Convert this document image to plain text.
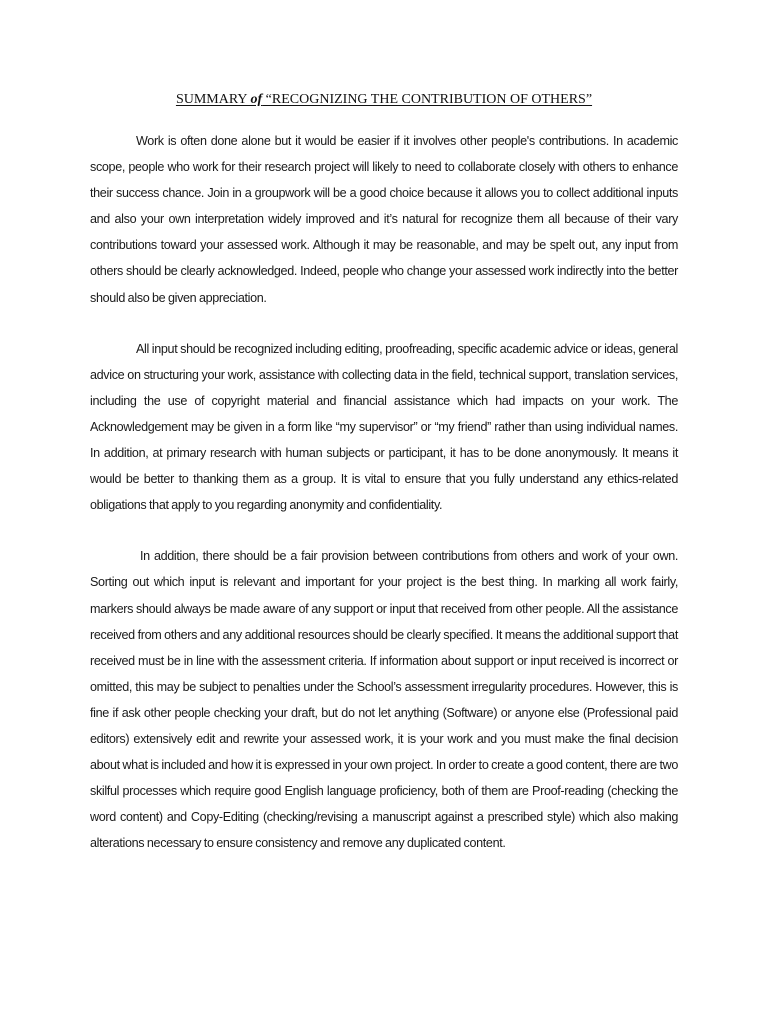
SUMMARY of “RECOGNIZING THE CONTRIBUTION OF OTHERS”

Work is often done alone but it would be easier if it involves other people's contributions. In academic scope, people who work for their research project will likely to need to collaborate closely with others to enhance their success chance. Join in a groupwork will be a good choice because it allows you to collect additional inputs and also your own interpretation widely improved and it’s natural for recognize them all because of their vary contributions toward your assessed work. Although it may be reasonable, and may be spelt out, any input from others should be clearly acknowledged. Indeed, people who change your assessed work indirectly into the better should also be given appreciation.

All input should be recognized including editing, proofreading, specific academic advice or ideas, general advice on structuring your work, assistance with collecting data in the field, technical support, translation services, including the use of copyright material and financial assistance which had impacts on your work. The Acknowledgement may be given in a form like “my supervisor” or “my friend” rather than using individual names. In addition, at primary research with human subjects or participant, it has to be done anonymously. It means it would be better to thanking them as a group. It is vital to ensure that you fully understand any ethics-related obligations that apply to you regarding anonymity and confidentiality.

In addition, there should be a fair provision between contributions from others and work of your own. Sorting out which input is relevant and important for your project is the best thing. In marking all work fairly, markers should always be made aware of any support or input that received from other people. All the assistance received from others and any additional resources should be clearly specified. It means the additional support that received must be in line with the assessment criteria. If information about support or input received is incorrect or omitted, this may be subject to penalties under the School’s assessment irregularity procedures. However, this is fine if ask other people checking your draft, but do not let anything (Software) or anyone else (Professional paid editors) extensively edit and rewrite your assessed work, it is your work and you must make the final decision about what is included and how it is expressed in your own project. In order to create a good content, there are two skilful processes which require good English language proficiency, both of them are Proof-reading (checking the word content) and Copy-Editing (checking/revising a manuscript against a prescribed style) which also making alterations necessary to ensure consistency and remove any duplicated content.
